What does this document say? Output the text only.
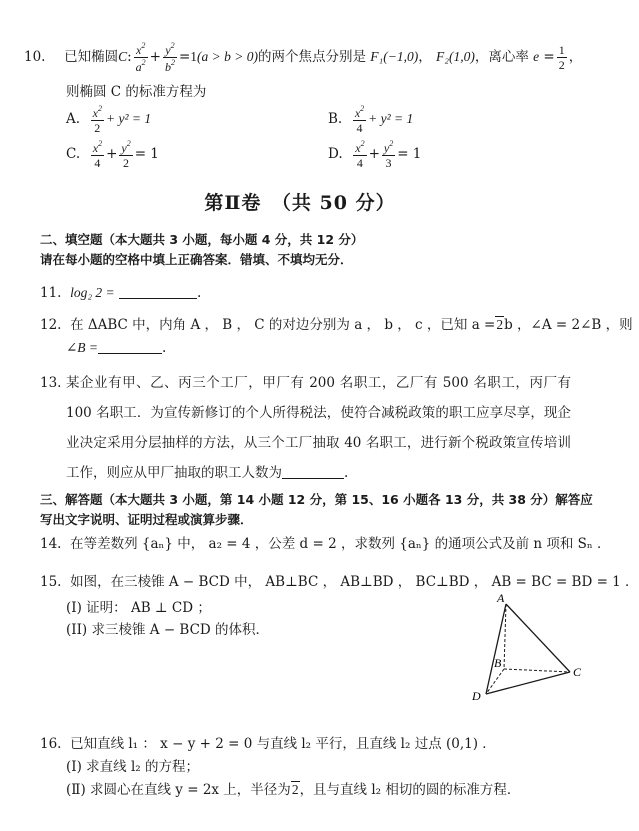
10. 已知椭圆C: $\frac{x^2}{a^2} + \frac{y^2}{b^2} =1(a > b > 0)$的两个焦点分别是 F₁(−1,0)， F₂(1,0)，离心率 $e = \frac{1}{2}$ ，
则椭圆 C 的标准方程为
A. $\frac{x^2}{2} + y^2 = 1$	B. $\frac{x^2}{4} + y^2 = 1$
C. $\frac{x^2}{4} + \frac{y^2}{2} = 1$	D. $\frac{x^2}{4} + \frac{y^2}{3} = 1$
第Ⅱ卷　（共 50 分）
二、填空题（本大题共 3 小题，每小题 4 分，共 12 分）
请在每小题的空格中填上正确答案．错填、不填均无分．
11. log₂ 2 =	.
12. 在 ΔABC 中，内角 A ， B ， C 的对边分别为 a ， b ， c ，已知 a =2b ，∠A = 2∠B ，则
∠B =	.
13. 某企业有甲、乙、丙三个工厂，甲厂有 200 名职工，乙厂有 500 名职工，丙厂有 100 名职工．为宣传新修订的个人所得税法，使符合减税政策的职工应享尽享，现企业决定采用分层抽样的方法，从三个工厂抽取 40 名职工，进行新个税政策宣传培训工作，则应从甲厂抽取的职工人数为	.
三、解答题（本大题共 3 小题，第 14 小题 12 分，第 15、16 小题各 13 分，共 38 分）解答应
写出文字说明、证明过程或演算步骤．
14. 在等差数列 {aₙ} 中， a₂ = 4 ，公差 d = 2 ，求数列 {aₙ} 的通项公式及前 n 项和 Sₙ ．
15. 如图，在三棱锥 A − BCD 中， AB⊥BC ， AB⊥BD ， BC⊥BD ， AB = BC = BD = 1 ．
(I) 证明： AB ⊥ CD ；
(II) 求三棱锥 A − BCD 的体积．
A
B
C
D
16. 已知直线 l₁ ： x − y + 2 = 0 与直线 l₂ 平行，且直线 l₂ 过点 (0,1) ．
(Ⅰ) 求直线 l₂ 的方程；
(Ⅱ) 求圆心在直线 y = 2x 上，半径为2，且与直线 l₂ 相切的圆的标准方程．
